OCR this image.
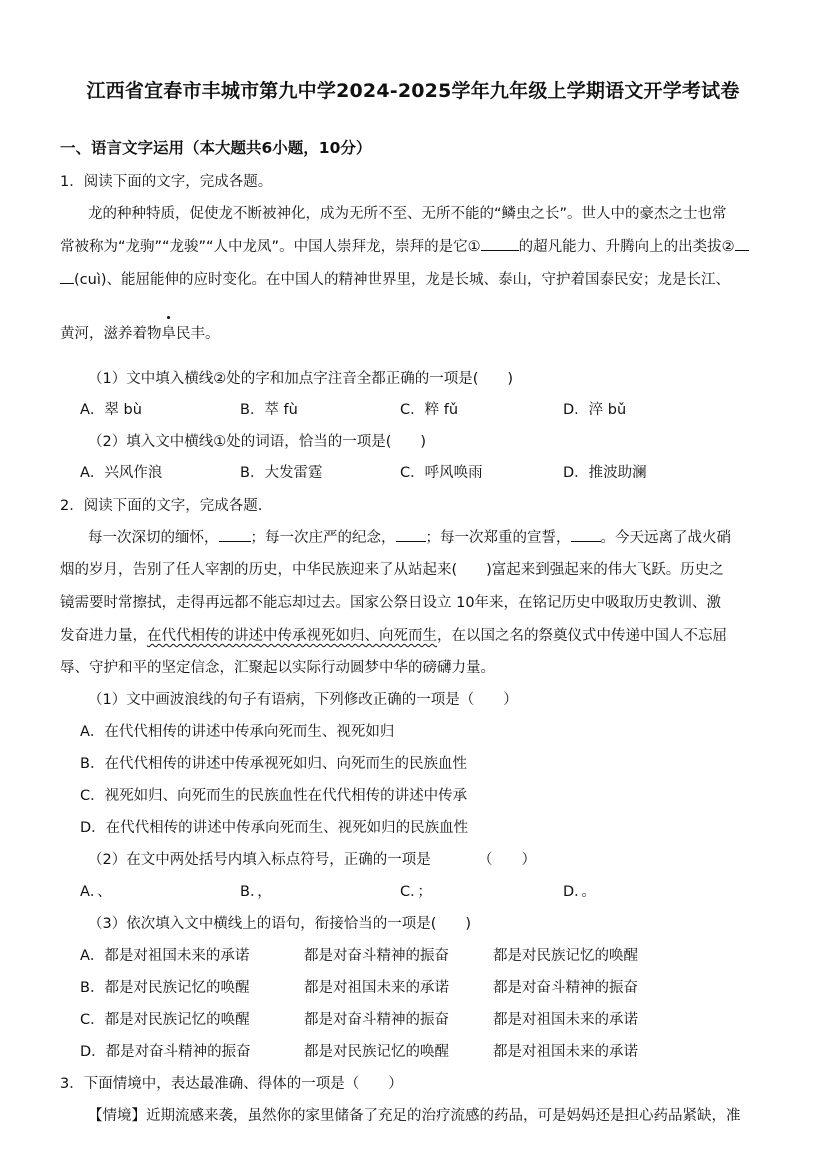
江西省宜春市丰城市第九中学2024-2025学年九年级上学期语文开学考试卷
一、语言文字运用（本大题共6小题，10分）
1．阅读下面的文字，完成各题。
龙的种种特质，促使龙不断被神化，成为无所不至、无所不能的“鳞虫之长”。世人中的豪杰之士也常
常被称为“龙驹”“龙骏”“人中龙凤”。中国人崇拜龙，崇拜的是它①	的超凡能力、升腾向上的出类拔②
(cuì)、能屈能伸的应时变化。在中国人的精神世界里，龙是长城、泰山，守护着国泰民安；龙是长江、
黄河，滋养着物阜民丰。
（1）文中填入横线②处的字和加点字注音全都正确的一项是(　　)
A．翠 bù	B．萃 fù	C．粹 fǔ	D．淬 bǔ
（2）填入文中横线①处的词语，恰当的一项是(　　)
A．兴风作浪	B．大发雷霆	C．呼风唤雨	D．推波助澜
2．阅读下面的文字，完成各题.
每一次深切的缅怀， ；每一次庄严的纪念， ；每一次郑重的宣誓， 。今天远离了战火硝
烟的岁月，告别了任人宰割的历史，中华民族迎来了从站起来(　　)富起来到强起来的伟大飞跃。历史之
镜需要时常擦拭，走得再远都不能忘却过去。国家公祭日设立 10年来，在铭记历史中吸取历史教训、激
发奋进力量，在代代相传的讲述中传承视死如归、向死而生，在以国之名的祭奠仪式中传递中国人不忘屈
辱、守护和平的坚定信念，汇聚起以实际行动圆梦中华的磅礴力量。
（1）文中画波浪线的句子有语病，下列修改正确的一项是（　　）
A．在代代相传的讲述中传承向死而生、视死如归
B．在代代相传的讲述中传承视死如归、向死而生的民族血性
C．视死如归、向死而生的民族血性在代代相传的讲述中传承
D．在代代相传的讲述中传承向死而生、视死如归的民族血性
（2）在文中两处括号内填入标点符号，正确的一项是	（　　）
A．、	B．，	C．；	D．。
（3）依次填入文中横线上的语句，衔接恰当的一项是(　　)
A．都是对祖国未来的承诺	都是对奋斗精神的振奋	都是对民族记忆的唤醒
B．都是对民族记忆的唤醒	都是对祖国未来的承诺	都是对奋斗精神的振奋
C．都是对民族记忆的唤醒	都是对奋斗精神的振奋	都是对祖国未来的承诺
D．都是对奋斗精神的振奋	都是对民族记忆的唤醒	都是对祖国未来的承诺
3．下面情境中，表达最准确、得体的一项是（　　）
【情境】近期流感来袭，虽然你的家里储备了充足的治疗流感的药品，可是妈妈还是担心药品紧缺，准
